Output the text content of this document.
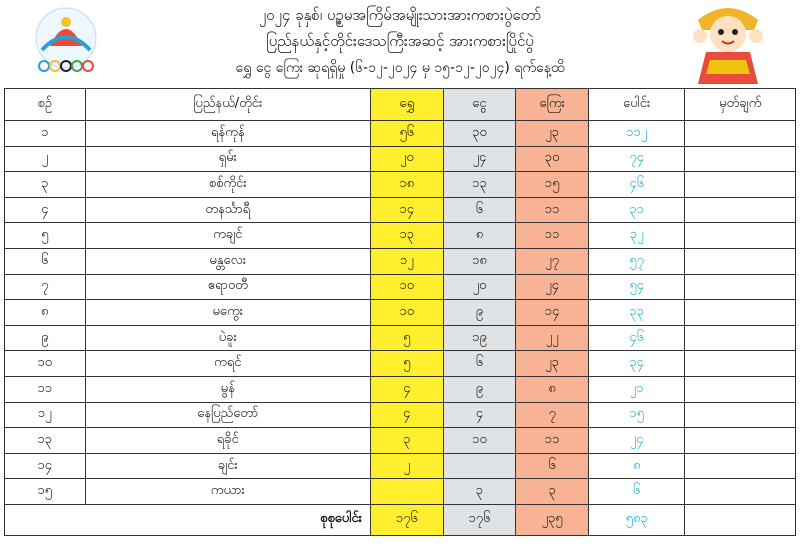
၂၀၂၄ ခုနှစ်၊ ပဉ္စမအကြိမ်အမျိုးသားအားကစားပွဲတော်
ပြည်နယ်နှင့်တိုင်းဒေသကြီးအဆင့် အားကစားပြိုင်ပွဲ
ရွှေ ငွေ ကြေး ဆုရရှိမှု (၆-၁၂-၂၀၂၄ မှ ၁၅-၁၂-၂၀၂၄) ရက်နေ့ထိ
စဉ်	ပြည်နယ်/တိုင်း	ရွှေ	ငွေ	ကြေး	ပေါင်း	မှတ်ချက်
၁	ရန်ကုန်	၅၆	၃၀	၂၃	၁၁၂	
၂	ရှမ်း	၂၀	၂၄	၃၀	၇၄	
၃	စစ်ကိုင်း	၁၈	၁၃	၁၅	၄၆	
၄	တနင်္သာရီ	၁၄	၆	၁၁	၃၁	
၅	ကချင်	၁၃	၈	၁၁	၃၂	
၆	မန္တလေး	၁၂	၁၈	၂၇	၅၇	
၇	ဧရာဝတီ	၁၀	၂၀	၂၄	၅၄	
၈	မကွေး	၁၀	၉	၁၄	၃၃	
၉	ပဲခူး	၅	၁၉	၂၂	၄၆	
၁၀	ကရင်	၅	၆	၂၃	၃၄	
၁၁	မွန်	၄	၉	၈	၂၁	
၁၂	နေပြည်တော်	၄	၄	၇	၁၅	
၁၃	ရခိုင်	၃	၁၀	၁၁	၂၄	
၁၄	ချင်း	၂		၆	၈	
၁၅	ကယား		၃	၃	၆	
စုစုပေါင်း		၁၇၆	၁၇၆	၂၃၅	၅၈၃	
